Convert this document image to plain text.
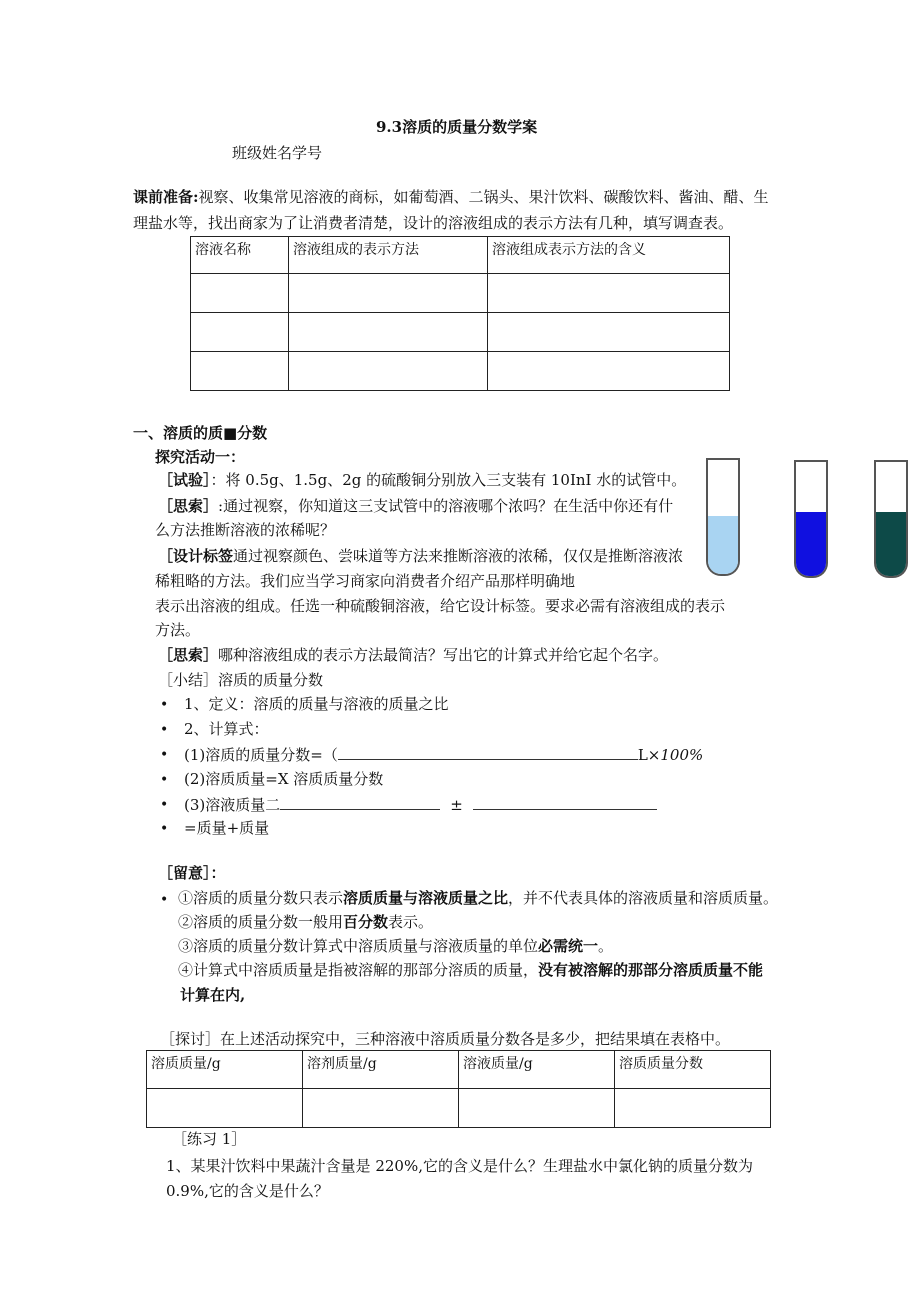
9.3溶质的质量分数学案
班级姓名学号
课前准备:视察、收集常见溶液的商标，如葡萄酒、二锅头、果汁饮料、碳酸饮料、酱油、醋、生
理盐水等，找出商家为了让消费者清楚，设计的溶液组成的表示方法有几种，填写调查表。
溶液名称	溶液组成的表示方法	溶液组成表示方法的含义

一、溶质的质■分数
探究活动一：
［试验］：将 0.5g、1.5g、2g 的硫酸铜分别放入三支装有 10InI 水的试管中。
［思索］:通过视察，你知道这三支试管中的溶液哪个浓吗？在生活中你还有什
么方法推断溶液的浓稀呢？
［设计标签通过视察颜色、尝味道等方法来推断溶液的浓稀，仅仅是推断溶液浓
稀粗略的方法。我们应当学习商家向消费者介绍产品那样明确地
表示出溶液的组成。任选一种硫酸铜溶液，给它设计标签。要求必需有溶液组成的表示
方法。
［思索］哪种溶液组成的表示方法最简洁？写出它的计算式并给它起个名字。
［小结］溶质的质量分数
• 1、定义：溶质的质量与溶液的质量之比
• 2、计算式：
• (1)溶质的质量分数=（	L×100%
• (2)溶质质量=X 溶质质量分数
• (3)溶液质量二	±
• =质量+质量
［留意］：
• ①溶质的质量分数只表示溶质质量与溶液质量之比，并不代表具体的溶液质量和溶质质量。
②溶质的质量分数一般用百分数表示。
③溶质的质量分数计算式中溶质质量与溶液质量的单位必需统一。
④计算式中溶质质量是指被溶解的那部分溶质的质量，没有被溶解的那部分溶质质量不能
计算在内,
［探讨］在上述活动探究中，三种溶液中溶质质量分数各是多少，把结果填在表格中。
溶质质量/g	溶剂质量/g	溶液质量/g	溶质质量分数

［练习 1］
1、某果汁饮料中果蔬汁含量是 220%,它的含义是什么？生理盐水中氯化钠的质量分数为
0.9%,它的含义是什么？
